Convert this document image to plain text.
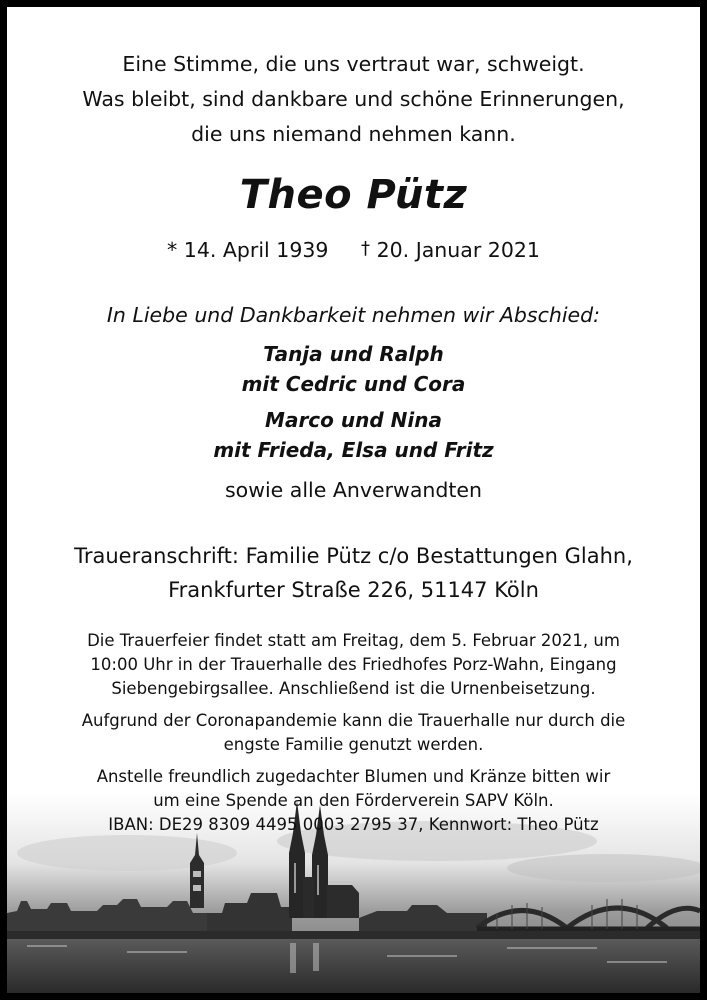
Eine Stimme, die uns vertraut war, schweigt.
Was bleibt, sind dankbare und schöne Erinnerungen,
die uns niemand nehmen kann.
Theo Pütz
* 14. April 1939 † 20. Januar 2021
In Liebe und Dankbarkeit nehmen wir Abschied:
Tanja und Ralph
mit Cedric und Cora
Marco und Nina
mit Frieda, Elsa und Fritz
sowie alle Anverwandten
Traueranschrift: Familie Pütz c/o Bestattungen Glahn,
Frankfurter Straße 226, 51147 Köln
Die Trauerfeier findet statt am Freitag, dem 5. Februar 2021, um
10:00 Uhr in der Trauerhalle des Friedhofes Porz-Wahn, Eingang
Siebengebirgsallee. Anschließend ist die Urnenbeisetzung.
Aufgrund der Coronapandemie kann die Trauerhalle nur durch die
engste Familie genutzt werden.
Anstelle freundlich zugedachter Blumen und Kränze bitten wir
um eine Spende an den Förderverein SAPV Köln.
IBAN: DE29 8309 4495 0003 2795 37, Kennwort: Theo Pütz
